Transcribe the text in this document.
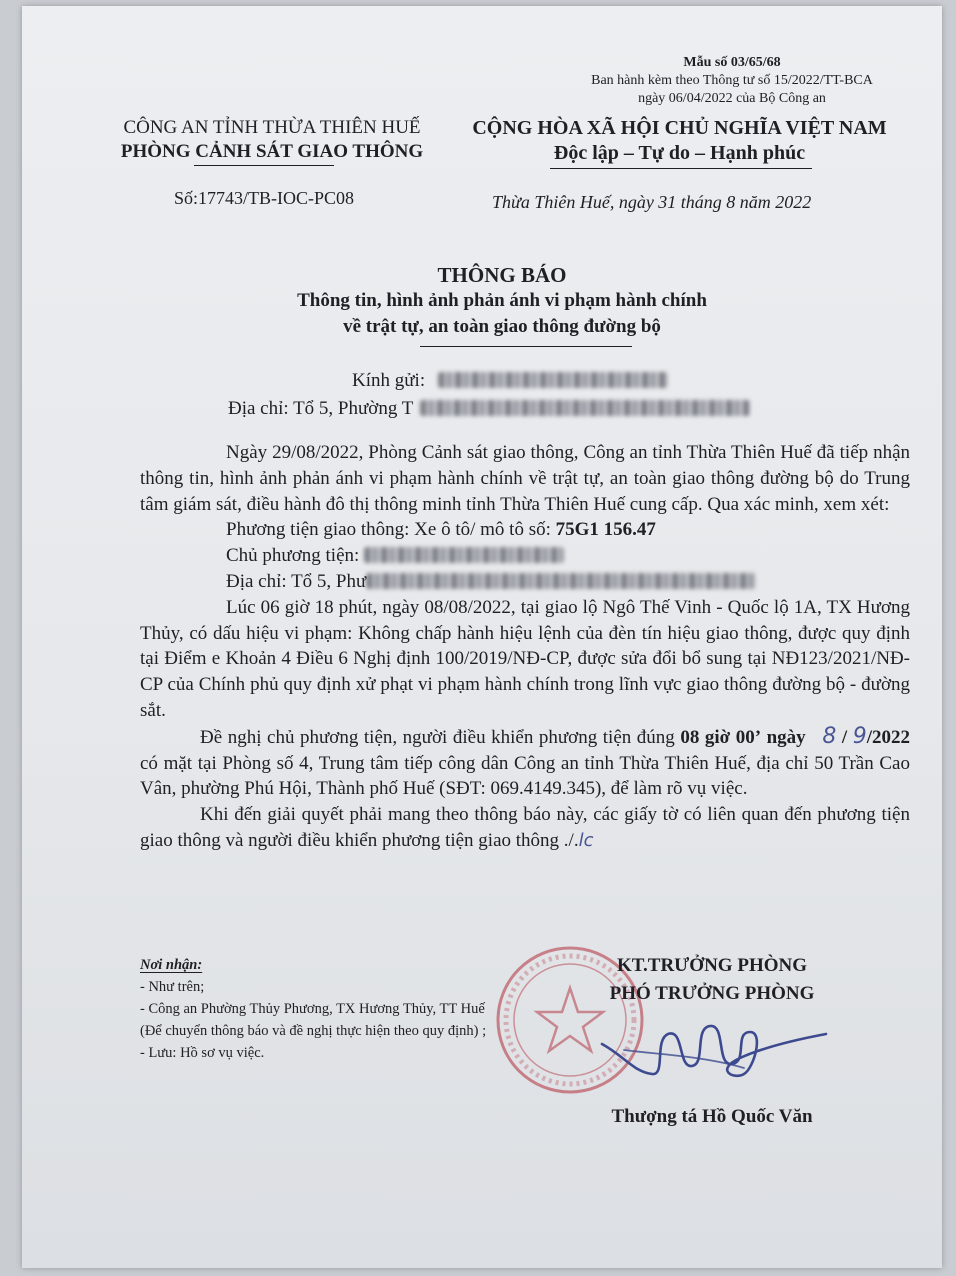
Mẫu số 03/65/68
Ban hành kèm theo Thông tư số 15/2022/TT-BCA
ngày 06/04/2022 của Bộ Công an
CÔNG AN TỈNH THỪA THIÊN HUẾ
PHÒNG CẢNH SÁT GIAO THÔNG
CỘNG HÒA XÃ HỘI CHỦ NGHĨA VIỆT NAM
Độc lập – Tự do – Hạnh phúc
Số:17743/TB-IOC-PC08	Thừa Thiên Huế, ngày 31 tháng 8 năm 2022
THÔNG BÁO
Thông tin, hình ảnh phản ánh vi phạm hành chính
về trật tự, an toàn giao thông đường bộ
Kính gửi:
Địa chỉ: Tổ 5, Phường T

Ngày 29/08/2022, Phòng Cảnh sát giao thông, Công an tỉnh Thừa Thiên Huế đã tiếp nhận thông tin, hình ảnh phản ánh vi phạm hành chính về trật tự, an toàn giao thông đường bộ do Trung tâm giám sát, điều hành đô thị thông minh tỉnh Thừa Thiên Huế cung cấp. Qua xác minh, xem xét:

Phương tiện giao thông: Xe ô tô/ mô tô số: 75G1 156.47

Chủ phương tiện:

Địa chỉ: Tổ 5, Phư

Lúc 06 giờ 18 phút, ngày 08/08/2022, tại giao lộ Ngô Thế Vinh - Quốc lộ 1A, TX Hương Thủy, có dấu hiệu vi phạm: Không chấp hành hiệu lệnh của đèn tín hiệu giao thông, được quy định tại Điểm e Khoản 4 Điều 6 Nghị định 100/2019/NĐ-CP, được sửa đổi bổ sung tại NĐ123/2021/NĐ-CP của Chính phủ quy định xử phạt vi phạm hành chính trong lĩnh vực giao thông đường bộ - đường sắt.

Đề nghị chủ phương tiện, người điều khiển phương tiện đúng 08 giờ 00’ ngày 8 / 9/2022 có mặt tại Phòng số 4, Trung tâm tiếp công dân Công an tỉnh Thừa Thiên Huế, địa chỉ 50 Trần Cao Vân, phường Phú Hội, Thành phố Huế (SĐT: 069.4149.345), để làm rõ vụ việc.

Khi đến giải quyết phải mang theo thông báo này, các giấy tờ có liên quan đến phương tiện giao thông và người điều khiển phương tiện giao thông ./.lc

Nơi nhận:
- Như trên;
- Công an Phường Thủy Phương, TX Hương Thủy, TT Huế (Để chuyển thông báo và đề nghị thực hiện theo quy định) ;
- Lưu: Hồ sơ vụ việc.
KT.TRƯỞNG PHÒNG
PHÓ TRƯỞNG PHÒNG
Thượng tá Hồ Quốc Văn
